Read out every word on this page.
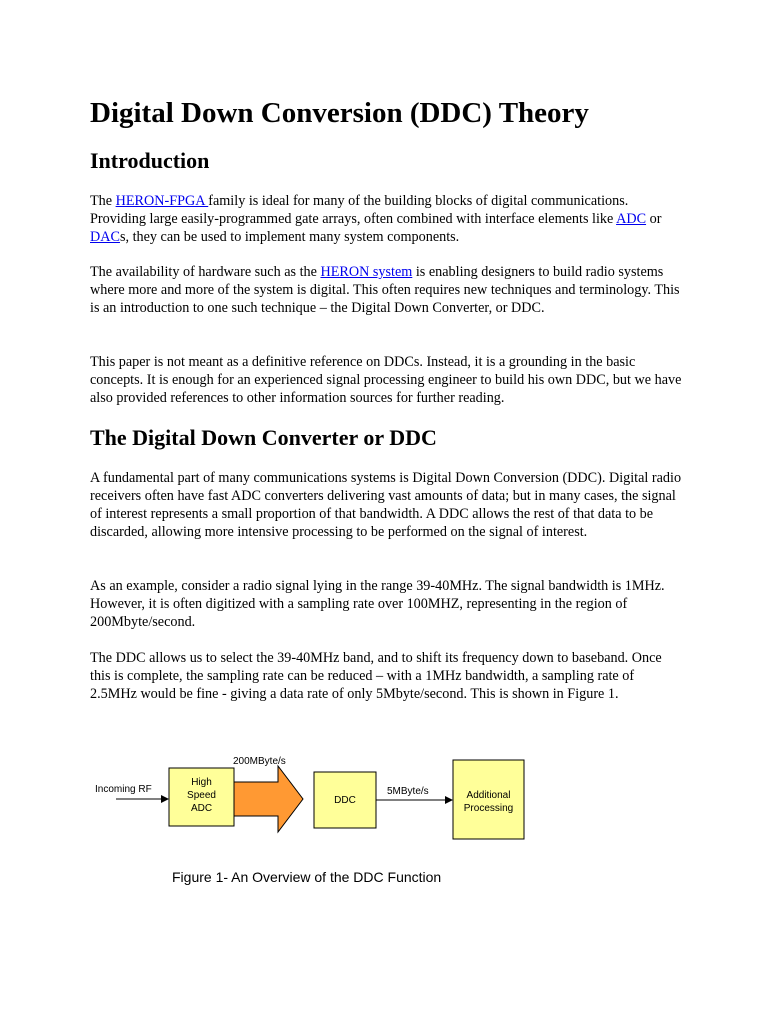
Digital Down Conversion (DDC) Theory
Introduction

The HERON-FPGA family is ideal for many of the building blocks of digital communications. Providing large easily-programmed gate arrays, often combined with interface elements like ADC or DACs, they can be used to implement many system components.

The availability of hardware such as the HERON system is enabling designers to build radio systems where more and more of the system is digital. This often requires new techniques and terminology. This is an introduction to one such technique – the Digital Down Converter, or DDC.

This paper is not meant as a definitive reference on DDCs. Instead, it is a grounding in the basic concepts. It is enough for an experienced signal processing engineer to build his own DDC, but we have also provided references to other information sources for further reading.

The Digital Down Converter or DDC

A fundamental part of many communications systems is Digital Down Conversion (DDC). Digital radio receivers often have fast ADC converters delivering vast amounts of data; but in many cases, the signal of interest represents a small proportion of that bandwidth. A DDC allows the rest of that data to be discarded, allowing more intensive processing to be performed on the signal of interest.

As an example, consider a radio signal lying in the range 39-40MHz. The signal bandwidth is 1MHz. However, it is often digitized with a sampling rate over 100MHZ, representing in the region of 200Mbyte/second.

The DDC allows us to select the 39-40MHz band, and to shift its frequency down to baseband. Once this is complete, the sampling rate can be reduced – with a 1MHz bandwidth, a sampling rate of 2.5MHz would be fine - giving a data rate of only 5Mbyte/second. This is shown in Figure 1.

Incoming RF
High
Speed
ADC
200MByte/s
DDC
5MByte/s	Additional
Processing
Figure 1- An Overview of the DDC Function
